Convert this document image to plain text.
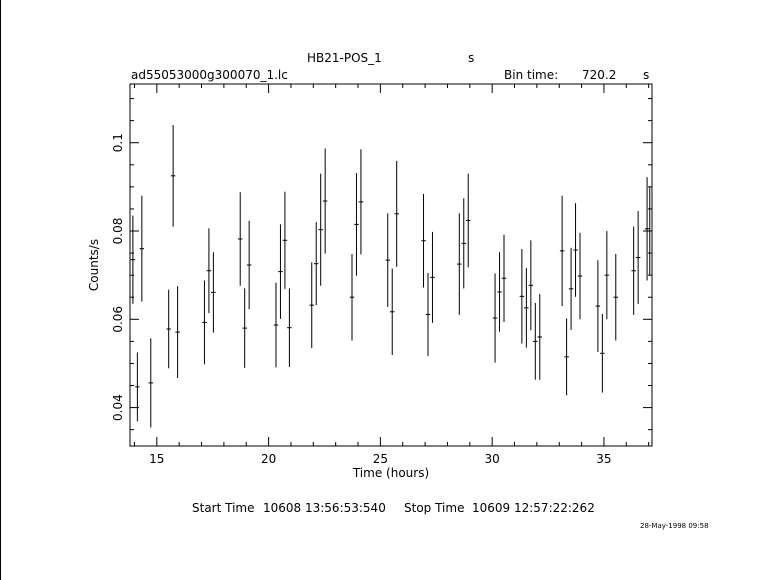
HB21-POS_1	s
ad55053000g300070_1.lc	Bin time: 720.2 s
15	20	25	30	35
0.04
0.06
0.08
0.1
Time (hours)
Counts/s
Start Time 10608 13:56:53:540 Stop Time 10609 12:57:22:262
28-May-1998 09:58
